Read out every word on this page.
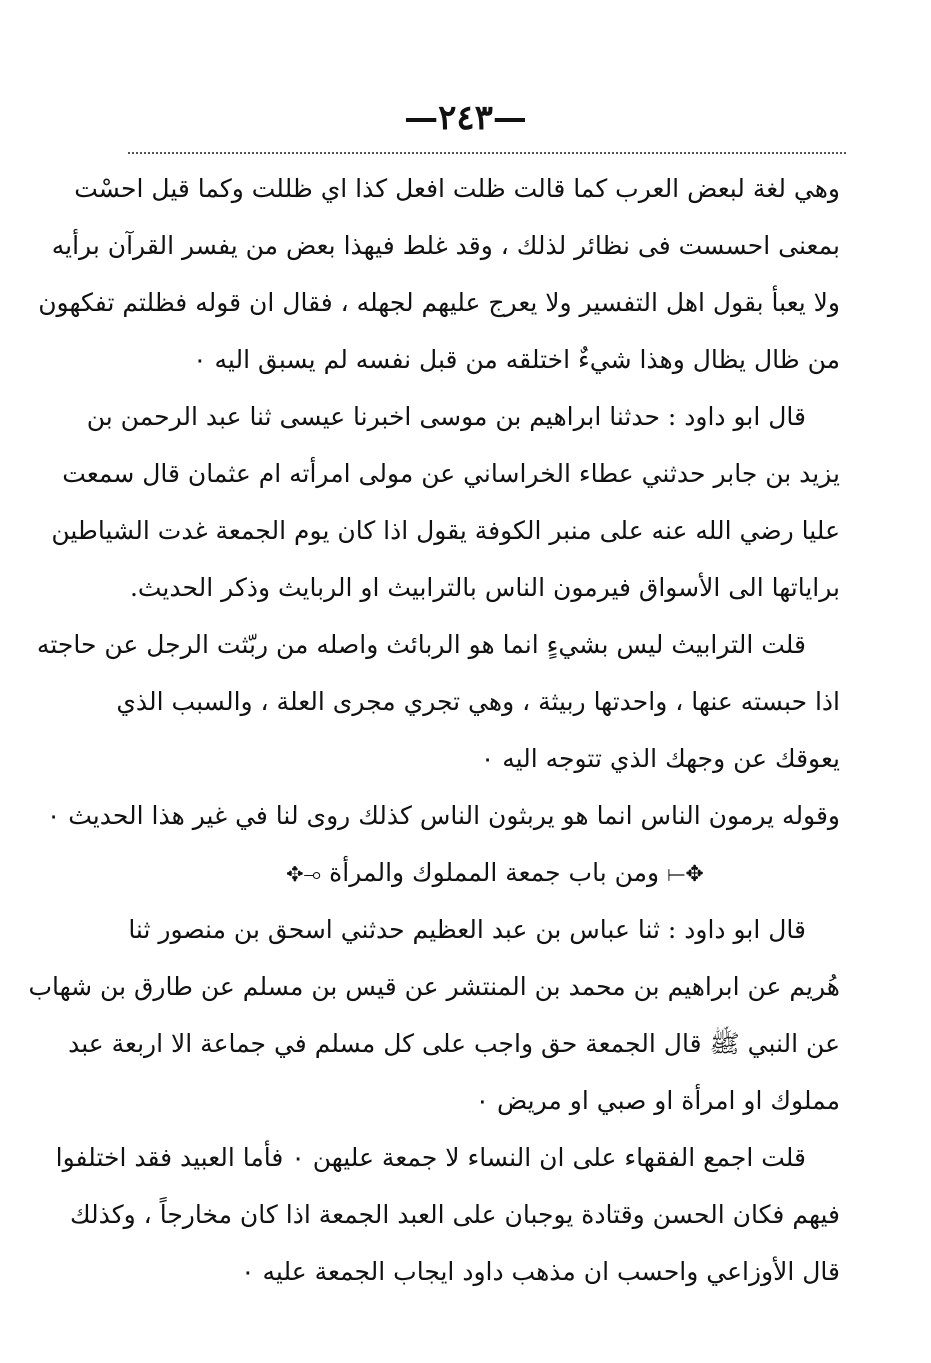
—٢٤٣—
وهي لغة لبعض العرب كما قالت ظلت افعل كذا اي ظللت وكما قيل احسْت
بمعنى احسست فى نظائر لذلك ، وقد غلط فيهذا بعض من يفسر القرآن برأيه
ولا يعبأ بقول اهل التفسير ولا يعرج عليهم لجهله ، فقال ان قوله فظلتم تفكهون
من ظال يظال وهذا شيءٌ اختلقه من قبل نفسه لم يسبق اليه ٠
قال ابو داود : حدثنا ابراهيم بن موسى اخبرنا عيسى ثنا عبد الرحمن بن
يزيد بن جابر حدثني عطاء الخراساني عن مولى امرأته ام عثمان قال سمعت
عليا رضي الله عنه على منبر الكوفة يقول اذا كان يوم الجمعة غدت الشياطين
براياتها الى الأسواق فيرمون الناس بالترابيث او الربايث وذكر الحديث.
قلت الترابيث ليس بشيءٍ انما هو الربائث واصله من ربّثت الرجل عن حاجته
اذا حبسته عنها ، واحدتها ربيثة ، وهي تجري مجرى العلة ، والسبب الذي
يعوقك عن وجهك الذي تتوجه اليه ٠
وقوله يرمون الناس انما هو يربثون الناس كذلك روى لنا في غير هذا الحديث ٠
✥⟞ومن باب جمعة المملوك والمرأة⟜✥
قال ابو داود : ثنا عباس بن عبد العظيم حدثني اسحق بن منصور ثنا
هُريم عن ابراهيم بن محمد بن المنتشر عن قيس بن مسلم عن طارق بن شهاب
عن النبي ﷺ قال الجمعة حق واجب على كل مسلم في جماعة الا اربعة عبد
مملوك او امرأة او صبي او مريض ٠
قلت اجمع الفقهاء على ان النساء لا جمعة عليهن ٠ فأما العبيد فقد اختلفوا
فيهم فكان الحسن وقتادة يوجبان على العبد الجمعة اذا كان مخارجاً ، وكذلك
قال الأوزاعي واحسب ان مذهب داود ايجاب الجمعة عليه ٠
